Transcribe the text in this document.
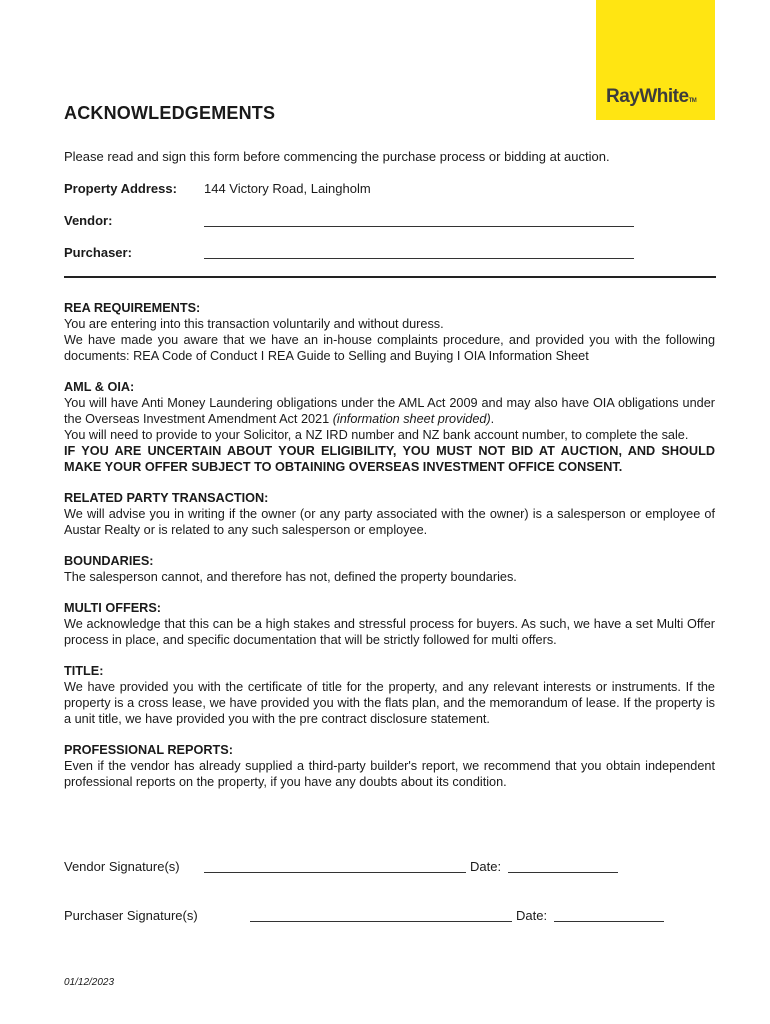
RayWhiteTM
ACKNOWLEDGEMENTS
Please read and sign this form before commencing the purchase process or bidding at auction.
Property Address: 144 Victory Road, Laingholm
Vendor:
Purchaser:
REA REQUIREMENTS:

You are entering into this transaction voluntarily and without duress.

We have made you aware that we have an in-house complaints procedure, and provided you with the following documents: REA Code of Conduct I REA Guide to Selling and Buying I OIA Information Sheet

AML & OIA:

You will have Anti Money Laundering obligations under the AML Act 2009 and may also have OIA obligations under the Overseas Investment Amendment Act 2021 (information sheet provided).

You will need to provide to your Solicitor, a NZ IRD number and NZ bank account number, to complete the sale.

IF YOU ARE UNCERTAIN ABOUT YOUR ELIGIBILITY, YOU MUST NOT BID AT AUCTION, AND SHOULD MAKE YOUR OFFER SUBJECT TO OBTAINING OVERSEAS INVESTMENT OFFICE CONSENT.

RELATED PARTY TRANSACTION:

We will advise you in writing if the owner (or any party associated with the owner) is a salesperson or employee of Austar Realty or is related to any such salesperson or employee.

BOUNDARIES:

The salesperson cannot, and therefore has not, defined the property boundaries.

MULTI OFFERS:

We acknowledge that this can be a high stakes and stressful process for buyers. As such, we have a set Multi Offer process in place, and specific documentation that will be strictly followed for multi offers.

TITLE:

We have provided you with the certificate of title for the property, and any relevant interests or instruments. If the property is a cross lease, we have provided you with the flats plan, and the memorandum of lease. If the property is a unit title, we have provided you with the pre contract disclosure statement.

PROFESSIONAL REPORTS:

Even if the vendor has already supplied a third-party builder's report, we recommend that you obtain independent professional reports on the property, if you have any doubts about its condition.

Vendor Signature(s)	Date:
Purchaser Signature(s)	Date:
01/12/2023
